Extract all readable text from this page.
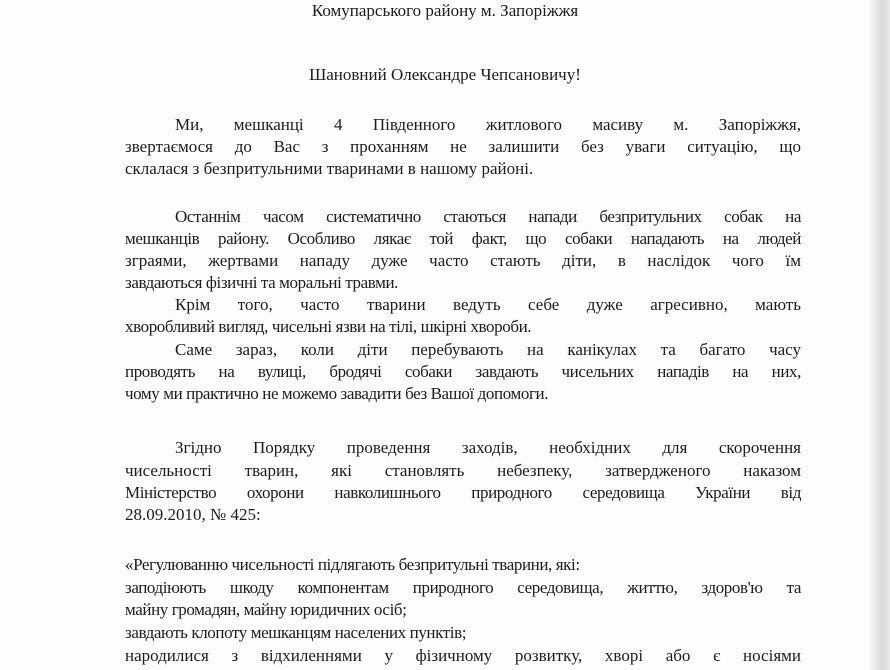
Комупарського району м. Запоріжжя
Шановний Олександре Чепсановичу!
Ми, мешканці 4 Південного житлового масиву м. Запоріжжя,
звертаємося до Вас з проханням не залишити без уваги ситуацію, що
склалася з безпритульними тваринами в нашому районі.
Останнім часом систематично стаються напади безпритульних собак на
мешканців району. Особливо лякає той факт, що собаки нападають на людей
зграями, жертвами нападу дуже часто стають діти, в наслідок чого їм
завдаються фізичні та моральні травми.
Крім того, часто тварини ведуть себе дуже агресивно, мають
хворобливий вигляд, чисельні язви на тілі, шкірні хвороби.
Саме зараз, коли діти перебувають на канікулах та багато часу
проводять на вулиці, бродячі собаки завдають чисельних нападів на них,
чому ми практично не можемо завадити без Вашої допомоги.
Згідно Порядку проведення заходів, необхідних для скорочення
чисельності тварин, які становлять небезпеку, затвердженого наказом
Міністерство охорони навколишнього природного середовища України від
28.09.2010, № 425:
«Регулюванню чисельності підлягають безпритульні тварини, які:
заподіюють шкоду компонентам природного середовища, життю, здоров'ю та
майну громадян, майну юридичних осіб;
завдають клопоту мешканцям населених пунктів;
народилися з відхиленнями у фізичному розвитку, хворі або є носіями
